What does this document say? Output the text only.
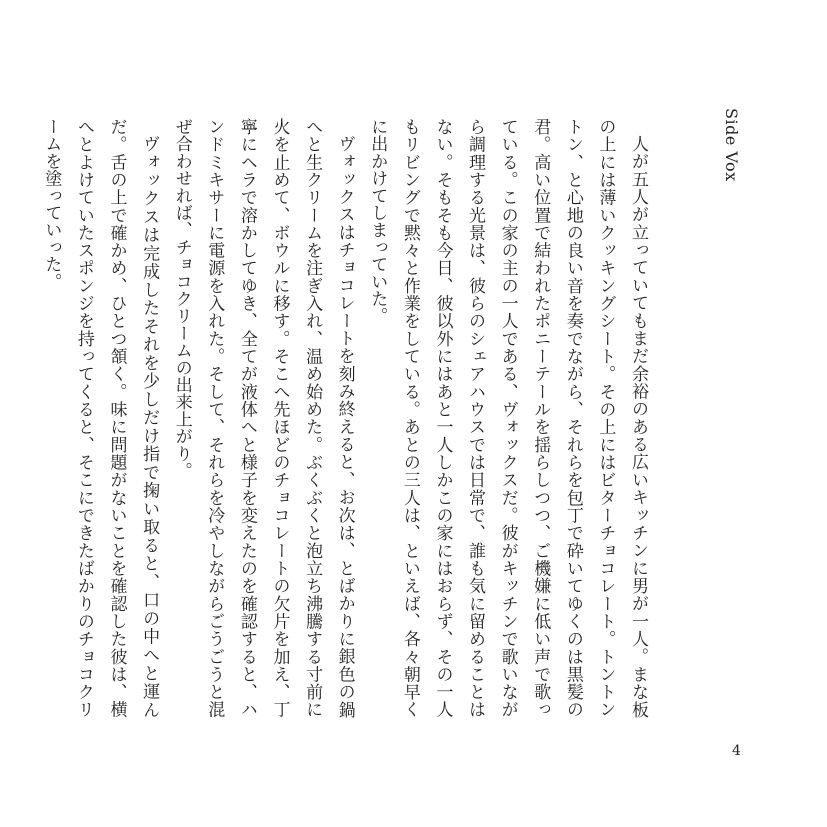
Side Vox

人が五人が立っていてもまだ余裕のある広いキッチンに男が一人。まな板の上には薄いクッキングシート。その上にはビターチョコレート。トントントン、と心地の良い音を奏でながら、それらを包丁で砕いてゆくのは黒髪の君。高い位置で結われたポニーテールを揺らしつつ、ご機嫌に低い声で歌っている。この家の主の一人である、ヴォックスだ。彼がキッチンで歌いながら調理する光景は、彼らのシェアハウスでは日常で、誰も気に留めることはない。そもそも今日、彼以外にはあと一人しかこの家にはおらず、その一人もリビングで黙々と作業をしている。あとの三人は、といえば、各々朝早くに出かけてしまっていた。

ヴォックスはチョコレートを刻み終えると、お次は、とばかりに銀色の鍋へと生クリームを注ぎ入れ、温め始めた。ぶくぶくと泡立ち沸騰する寸前に火を止めて、ボウルに移す。そこへ先ほどのチョコレートの欠片を加え、丁寧にヘラで溶かしてゆき、全てが液体へと様子を変えたのを確認すると、ハンドミキサーに電源を入れた。そして、それらを冷やしながらごうごうと混ぜ合わせれば、チョコクリームの出来上がり。

ヴォックスは完成したそれを少しだけ指で掬い取ると、口の中へと運んだ。舌の上で確かめ、ひとつ頷く。味に問題がないことを確認した彼は、横へとよけていたスポンジを持ってくると、そこにできたばかりのチョコクリームを塗っていった。

4
